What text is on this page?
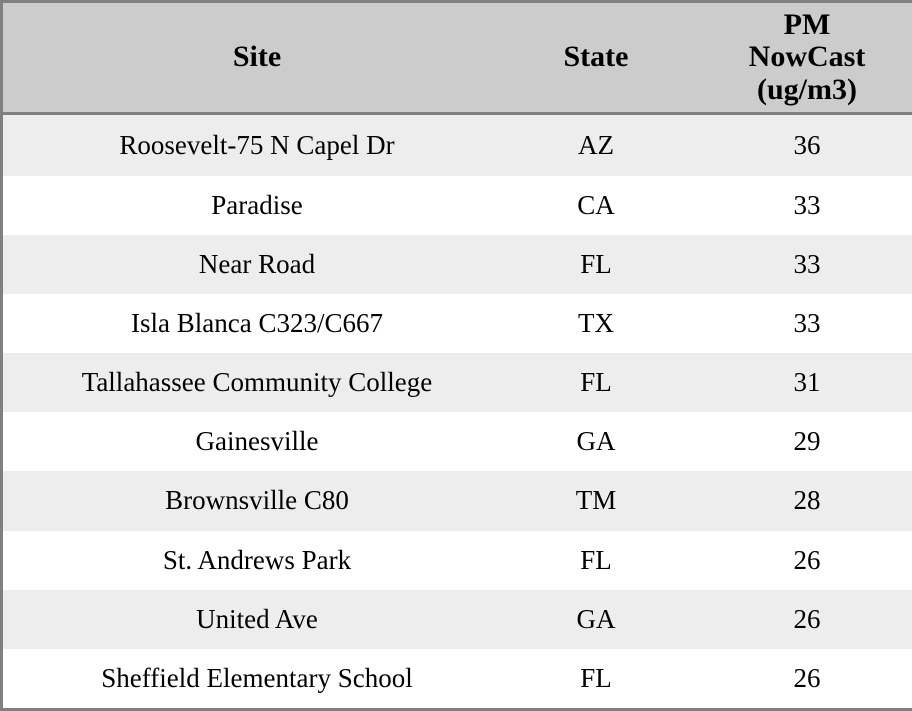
Site	State	PM
NowCast
(ug/m3)

Roosevelt-75 N Capel Dr	AZ	36
Paradise	CA	33
Near Road	FL	33
Isla Blanca C323/C667	TX	33
Tallahassee Community College	FL	31
Gainesville	GA	29
Brownsville C80	TM	28
St. Andrews Park	FL	26
United Ave	GA	26
Sheffield Elementary School	FL	26
